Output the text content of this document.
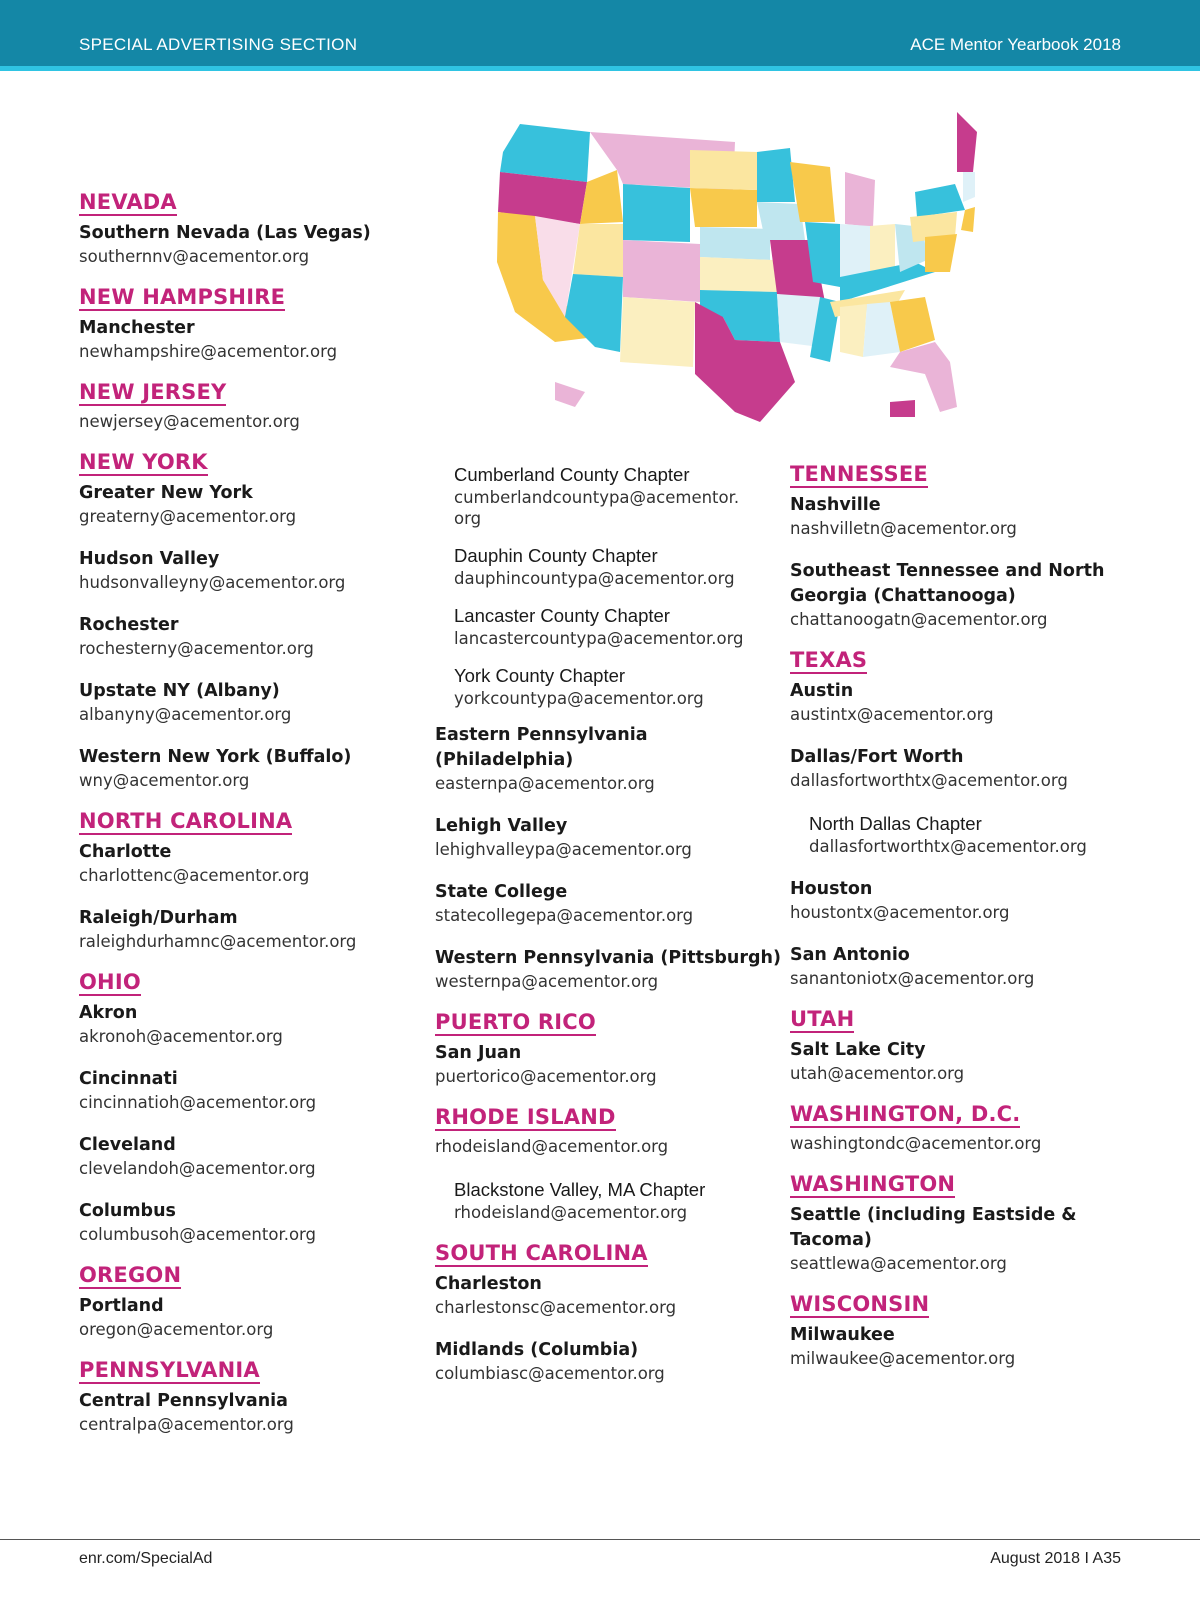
SPECIAL ADVERTISING SECTION	ACE Mentor Yearbook 2018
NEVADA
Southern Nevada (Las Vegas)
southernnv@acementor.org
NEW HAMPSHIRE
Manchester
newhampshire@acementor.org
NEW JERSEY
newjersey@acementor.org
NEW YORK
Greater New York
greaterny@acementor.org
Hudson Valley
hudsonvalleyny@acementor.org
Rochester
rochesterny@acementor.org
Upstate NY (Albany)
albanyny@acementor.org
Western New York (Buffalo)
wny@acementor.org
NORTH CAROLINA
Charlotte
charlottenc@acementor.org
Raleigh/Durham
raleighdurhamnc@acementor.org
OHIO
Akron
akronoh@acementor.org
Cincinnati
cincinnatioh@acementor.org
Cleveland
clevelandoh@acementor.org
Columbus
columbusoh@acementor.org
OREGON
Portland
oregon@acementor.org
PENNSYLVANIA
Central Pennsylvania
centralpa@acementor.org
Cumberland County Chapter
cumberlandcountypa@acementor.
org
Dauphin County Chapter
dauphincountypa@acementor.org
Lancaster County Chapter
lancastercountypa@acementor.org
York County Chapter
yorkcountypa@acementor.org
Eastern Pennsylvania
(Philadelphia)
easternpa@acementor.org
Lehigh Valley
lehighvalleypa@acementor.org
State College
statecollegepa@acementor.org
Western Pennsylvania (Pittsburgh)
westernpa@acementor.org
PUERTO RICO
San Juan
puertorico@acementor.org
RHODE ISLAND
rhodeisland@acementor.org
Blackstone Valley, MA Chapter
rhodeisland@acementor.org
SOUTH CAROLINA
Charleston
charlestonsc@acementor.org
Midlands (Columbia)
columbiasc@acementor.org
TENNESSEE
Nashville
nashvilletn@acementor.org
Southeast Tennessee and North
Georgia (Chattanooga)
chattanoogatn@acementor.org
TEXAS
Austin
austintx@acementor.org
Dallas/Fort Worth
dallasfortworthtx@acementor.org
North Dallas Chapter
dallasfortworthtx@acementor.org
Houston
houstontx@acementor.org
San Antonio
sanantoniotx@acementor.org
UTAH
Salt Lake City
utah@acementor.org
WASHINGTON, D.C.
washingtondc@acementor.org
WASHINGTON
Seattle (including Eastside &
Tacoma)
seattlewa@acementor.org
WISCONSIN
Milwaukee
milwaukee@acementor.org
enr.com/SpecialAd	August 2018 I A35
